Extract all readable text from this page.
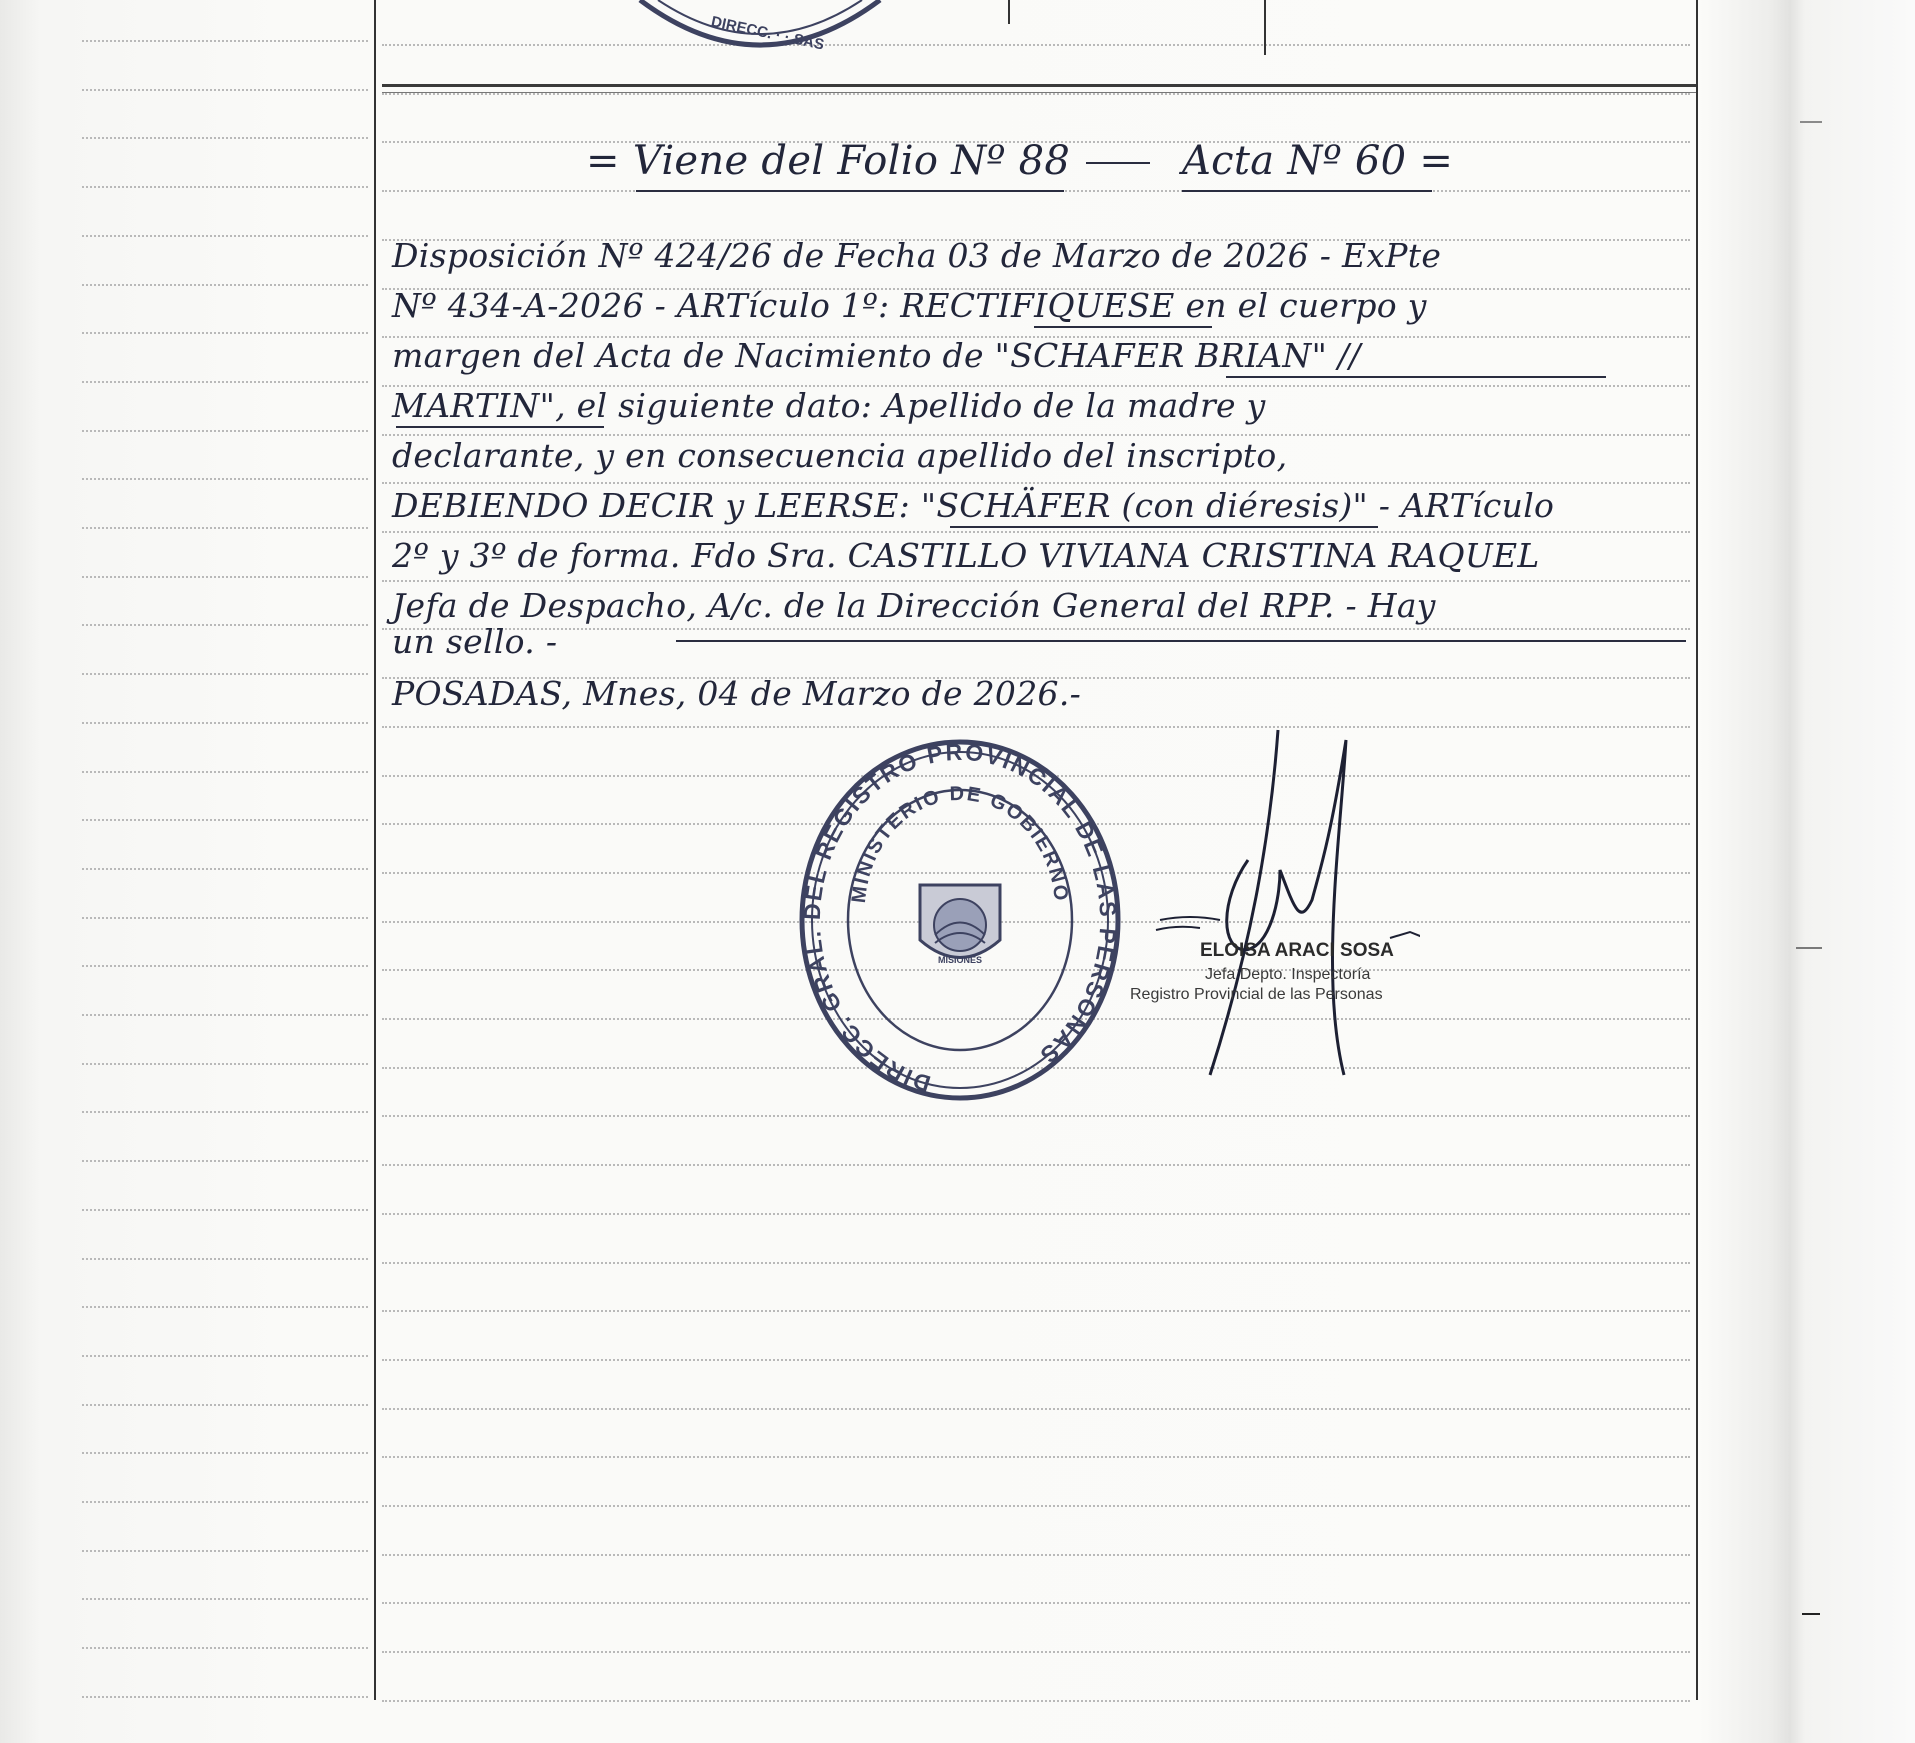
DIRECC. · · SAS
= Viene del Folio Nº 88	Acta Nº 60 =
Disposición Nº 424/26 de Fecha 03 de Marzo de 2026 - ExPte
Nº 434-A-2026 - ARTículo 1º: RECTIFIQUESE en el cuerpo y
margen del Acta de Nacimiento de "SCHAFER BRIAN" //
MARTIN", el siguiente dato: Apellido de la madre y
declarante, y en consecuencia apellido del inscripto,
DEBIENDO DECIR y LEERSE: "SCHÄFER (con diéresis)" - ARTículo
2º y 3º de forma. Fdo Sra. CASTILLO VIVIANA CRISTINA RAQUEL
Jefa de Despacho, A/c. de la Dirección General del RPP. - Hay
un sello. -
POSADAS, Mnes, 04 de Marzo de 2026.-
DIRECC. GRAL. DEL REGISTRO PROVINCIAL DE LAS PERSONAS
MINISTERIO DE GOBIERNO
MISIONES	ELOISA ARACI SOSA
Jefa Depto. Inspectoría
Registro Provincial de las Personas
